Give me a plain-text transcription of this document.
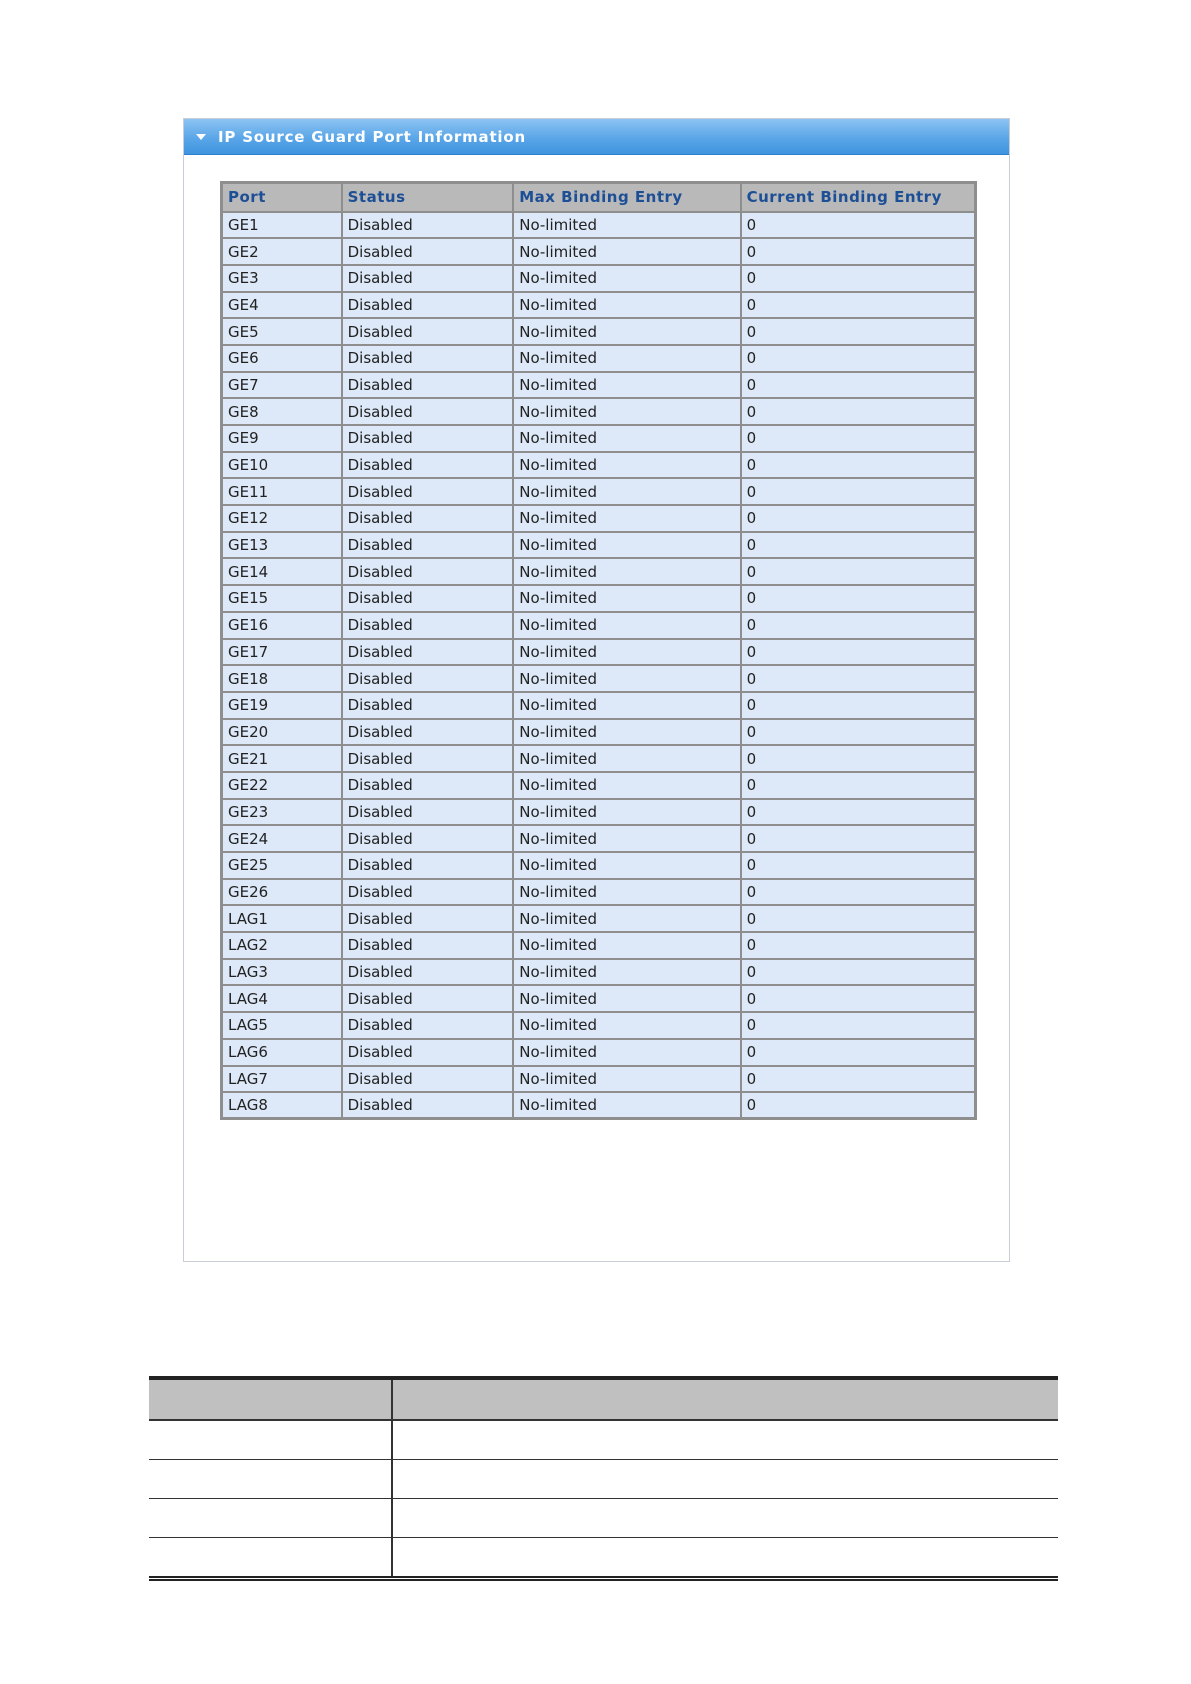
IP Source Guard Port Information
Port	Status	Max Binding Entry	Current Binding Entry
GE1	Disabled	No-limited	0
GE2	Disabled	No-limited	0
GE3	Disabled	No-limited	0
GE4	Disabled	No-limited	0
GE5	Disabled	No-limited	0
GE6	Disabled	No-limited	0
GE7	Disabled	No-limited	0
GE8	Disabled	No-limited	0
GE9	Disabled	No-limited	0
GE10	Disabled	No-limited	0
GE11	Disabled	No-limited	0
GE12	Disabled	No-limited	0
GE13	Disabled	No-limited	0
GE14	Disabled	No-limited	0
GE15	Disabled	No-limited	0
GE16	Disabled	No-limited	0
GE17	Disabled	No-limited	0
GE18	Disabled	No-limited	0
GE19	Disabled	No-limited	0
GE20	Disabled	No-limited	0
GE21	Disabled	No-limited	0
GE22	Disabled	No-limited	0
GE23	Disabled	No-limited	0
GE24	Disabled	No-limited	0
GE25	Disabled	No-limited	0
GE26	Disabled	No-limited	0
LAG1	Disabled	No-limited	0
LAG2	Disabled	No-limited	0
LAG3	Disabled	No-limited	0
LAG4	Disabled	No-limited	0
LAG5	Disabled	No-limited	0
LAG6	Disabled	No-limited	0
LAG7	Disabled	No-limited	0
LAG8	Disabled	No-limited	0
